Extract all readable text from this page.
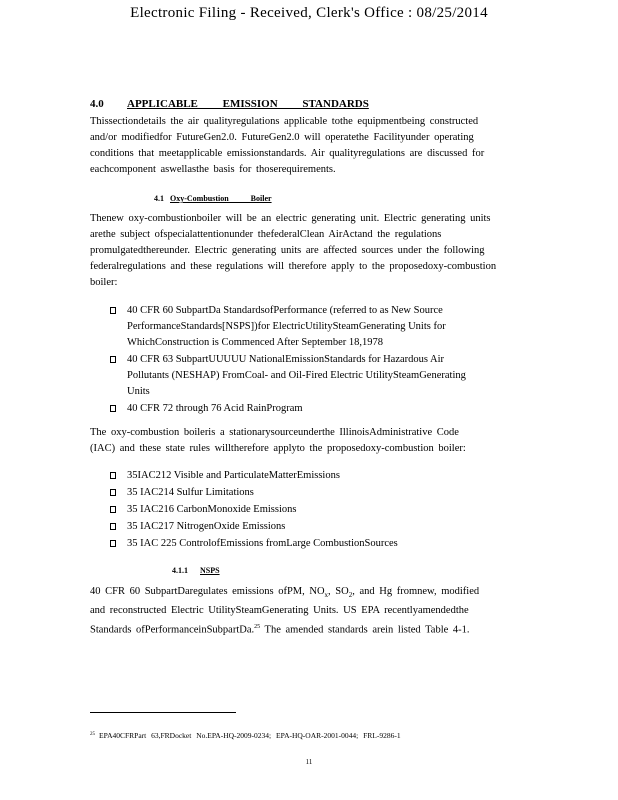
Electronic Filing - Received, Clerk's Office : 08/25/2014
4.0 APPLICABLE EMISSION STANDARDS
Thissectiondetails the air qualityregulations applicable tothe equipmentbeing constructed
and/or modifiedfor FutureGen2.0. FutureGen2.0 will operatethe Facilityunder operating
conditions that meetapplicable emissionstandards. Air qualityregulations are discussed for
eachcomponent aswellasthe basis for thoserequirements.
4.1 Oxy-Combustion Boiler
Thenew oxy-combustionboiler will be an electric generating unit. Electric generating units
arethe subject ofspecialattentionunder thefederalClean AirActand the regulations
promulgatedthereunder. Electric generating units are affected sources under the following
federalregulations and these regulations will therefore apply to the proposedoxy-combustion
boiler:
40 CFR 60 SubpartDa StandardsofPerformance (referred to as New Source
PerformanceStandards[NSPS])for ElectricUtilitySteamGenerating Units for
WhichConstruction is Commenced After September 18,1978
40 CFR 63 SubpartUUUUU NationalEmissionStandards for Hazardous Air
Pollutants (NESHAP) FromCoal- and Oil-Fired Electric UtilitySteamGenerating
Units
40 CFR 72 through 76 Acid RainProgram
The oxy-combustion boileris a stationarysourceunderthe IllinoisAdministrative Code
(IAC) and these state rules willtherefore applyto the proposedoxy-combustion boiler:
35IAC212 Visible and ParticulateMatterEmissions
35 IAC214 Sulfur Limitations
35 IAC216 CarbonMonoxide Emissions
35 IAC217 NitrogenOxide Emissions
35 IAC 225 ControlofEmissions fromLarge CombustionSources
4.1.1 NSPS
40 CFR 60 SubpartDaregulates emissions ofPM, $NO_x$, $SO_2$, and Hg fromnew, modified
and reconstructed Electric UtilitySteamGenerating Units. US EPA recentlyamendedthe
Standards ofPerformanceinSubpartDa.$^{25}$ The amended standards arein listed Table 4-1.
$^{25}$ EPA40CFRPart 63,FRDocket No.EPA-HQ-2009-0234; EPA-HQ-OAR-2001-0044; FRL-9286-1
11
